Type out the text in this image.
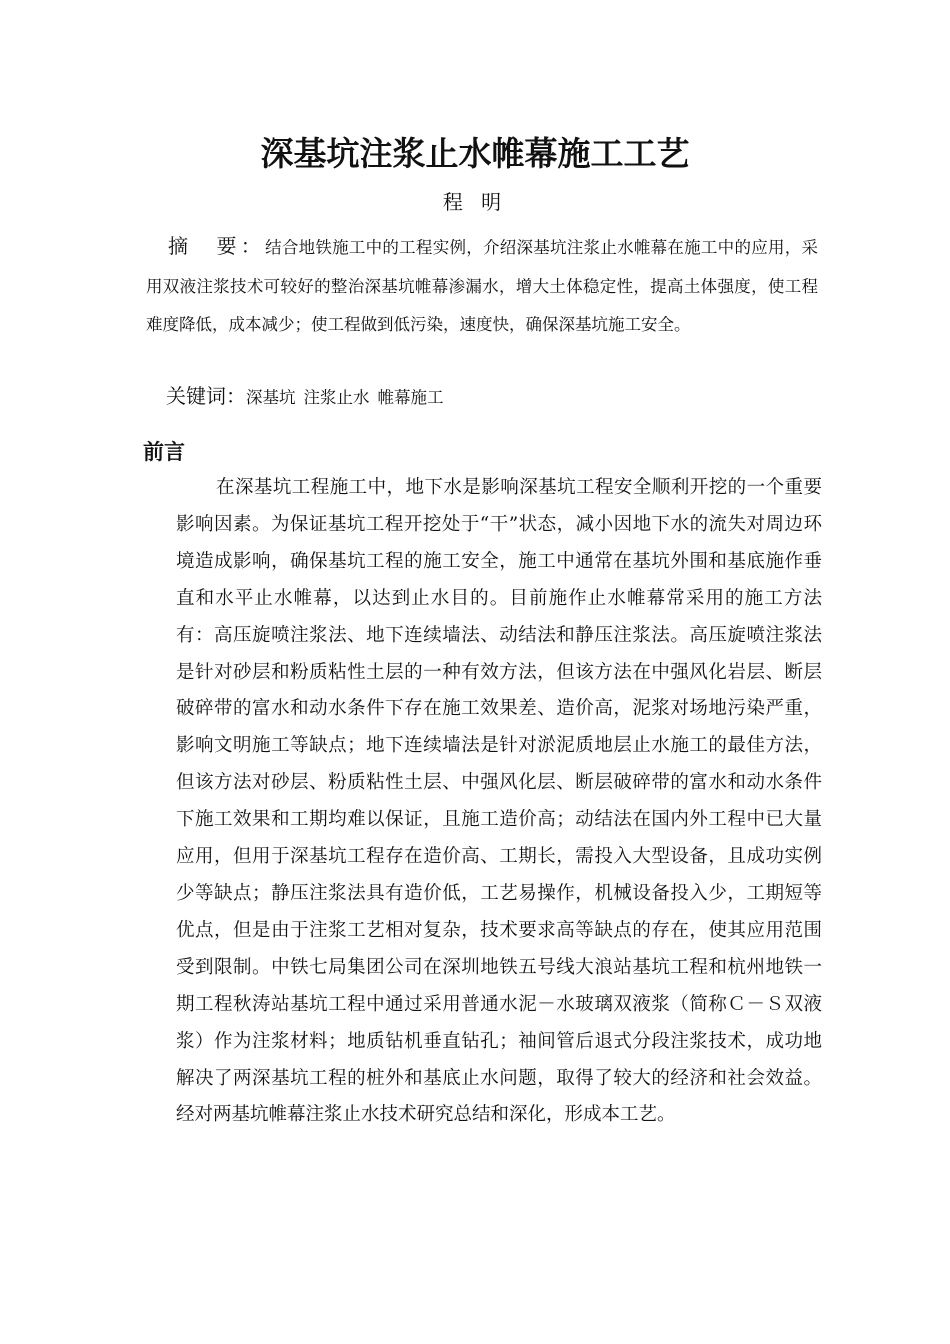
深基坑注浆止水帷幕施工工艺
程 明
摘　要：结合地铁施工中的工程实例，介绍深基坑注浆止水帷幕在施工中的应用，采用双液注浆技术可较好的整治深基坑帷幕渗漏水，增大土体稳定性，提高土体强度，使工程难度降低，成本减少；使工程做到低污染，速度快，确保深基坑施工安全。
关键词：深基坑 注浆止水 帷幕施工
前言
在深基坑工程施工中，地下水是影响深基坑工程安全顺利开挖的一个重要影响因素。为保证基坑工程开挖处于“干”状态，减小因地下水的流失对周边环境造成影响，确保基坑工程的施工安全，施工中通常在基坑外围和基底施作垂直和水平止水帷幕，以达到止水目的。目前施作止水帷幕常采用的施工方法有：高压旋喷注浆法、地下连续墙法、动结法和静压注浆法。高压旋喷注浆法是针对砂层和粉质粘性土层的一种有效方法，但该方法在中强风化岩层、断层破碎带的富水和动水条件下存在施工效果差、造价高，泥浆对场地污染严重，影响文明施工等缺点；地下连续墙法是针对淤泥质地层止水施工的最佳方法，但该方法对砂层、粉质粘性土层、中强风化层、断层破碎带的富水和动水条件下施工效果和工期均难以保证，且施工造价高；动结法在国内外工程中已大量应用，但用于深基坑工程存在造价高、工期长，需投入大型设备，且成功实例少等缺点；静压注浆法具有造价低，工艺易操作，机械设备投入少，工期短等优点，但是由于注浆工艺相对复杂，技术要求高等缺点的存在，使其应用范围受到限制。中铁七局集团公司在深圳地铁五号线大浪站基坑工程和杭州地铁一期工程秋涛站基坑工程中通过采用普通水泥－水玻璃双液浆（简称Ｃ－Ｓ双液浆）作为注浆材料；地质钻机垂直钻孔；袖间管后退式分段注浆技术，成功地解决了两深基坑工程的桩外和基底止水问题，取得了较大的经济和社会效益。经对两基坑帷幕注浆止水技术研究总结和深化，形成本工艺。
